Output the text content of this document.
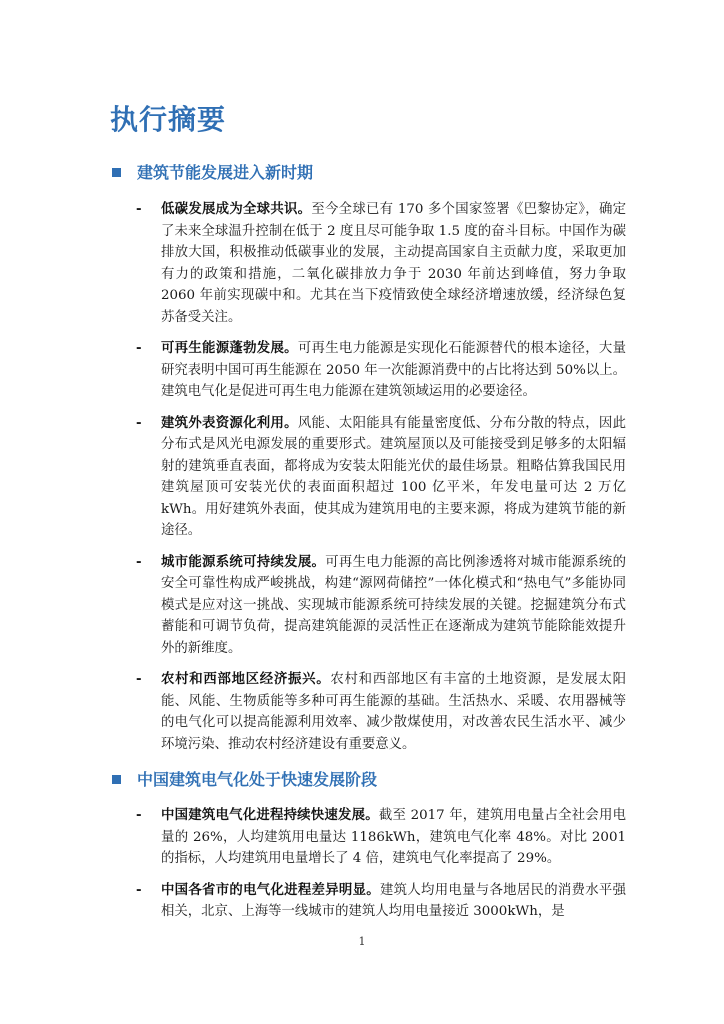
执行摘要
建筑节能发展进入新时期
- 低碳发展成为全球共识。至今全球已有 170 多个国家签署《巴黎协定》，确定了未来全球温升控制在低于 2 度且尽可能争取 1.5 度的奋斗目标。中国作为碳排放大国，积极推动低碳事业的发展，主动提高国家自主贡献力度，采取更加有力的政策和措施，二氧化碳排放力争于 2030 年前达到峰值，努力争取 2060 年前实现碳中和。尤其在当下疫情致使全球经济增速放缓，经济绿色复苏备受关注。
- 可再生能源蓬勃发展。可再生电力能源是实现化石能源替代的根本途径，大量研究表明中国可再生能源在 2050 年一次能源消费中的占比将达到 50%以上。建筑电气化是促进可再生电力能源在建筑领域运用的必要途径。
- 建筑外表资源化利用。风能、太阳能具有能量密度低、分布分散的特点，因此分布式是风光电源发展的重要形式。建筑屋顶以及可能接受到足够多的太阳辐射的建筑垂直表面，都将成为安装太阳能光伏的最佳场景。粗略估算我国民用建筑屋顶可安装光伏的表面面积超过 100 亿平米，年发电量可达 2 万亿 kWh。用好建筑外表面，使其成为建筑用电的主要来源，将成为建筑节能的新途径。
- 城市能源系统可持续发展。可再生电力能源的高比例渗透将对城市能源系统的安全可靠性构成严峻挑战，构建“源网荷储控”一体化模式和“热电气”多能协同模式是应对这一挑战、实现城市能源系统可持续发展的关键。挖掘建筑分布式蓄能和可调节负荷，提高建筑能源的灵活性正在逐渐成为建筑节能除能效提升外的新维度。
- 农村和西部地区经济振兴。农村和西部地区有丰富的土地资源，是发展太阳能、风能、生物质能等多种可再生能源的基础。生活热水、采暖、农用器械等的电气化可以提高能源利用效率、减少散煤使用，对改善农民生活水平、减少环境污染、推动农村经济建设有重要意义。
中国建筑电气化处于快速发展阶段
- 中国建筑电气化进程持续快速发展。截至 2017 年，建筑用电量占全社会用电量的 26%，人均建筑用电量达 1186kWh，建筑电气化率 48%。对比 2001 的指标，人均建筑用电量增长了 4 倍，建筑电气化率提高了 29%。
- 中国各省市的电气化进程差异明显。建筑人均用电量与各地居民的消费水平强相关，北京、上海等一线城市的建筑人均用电量接近 3000kWh，是
1
